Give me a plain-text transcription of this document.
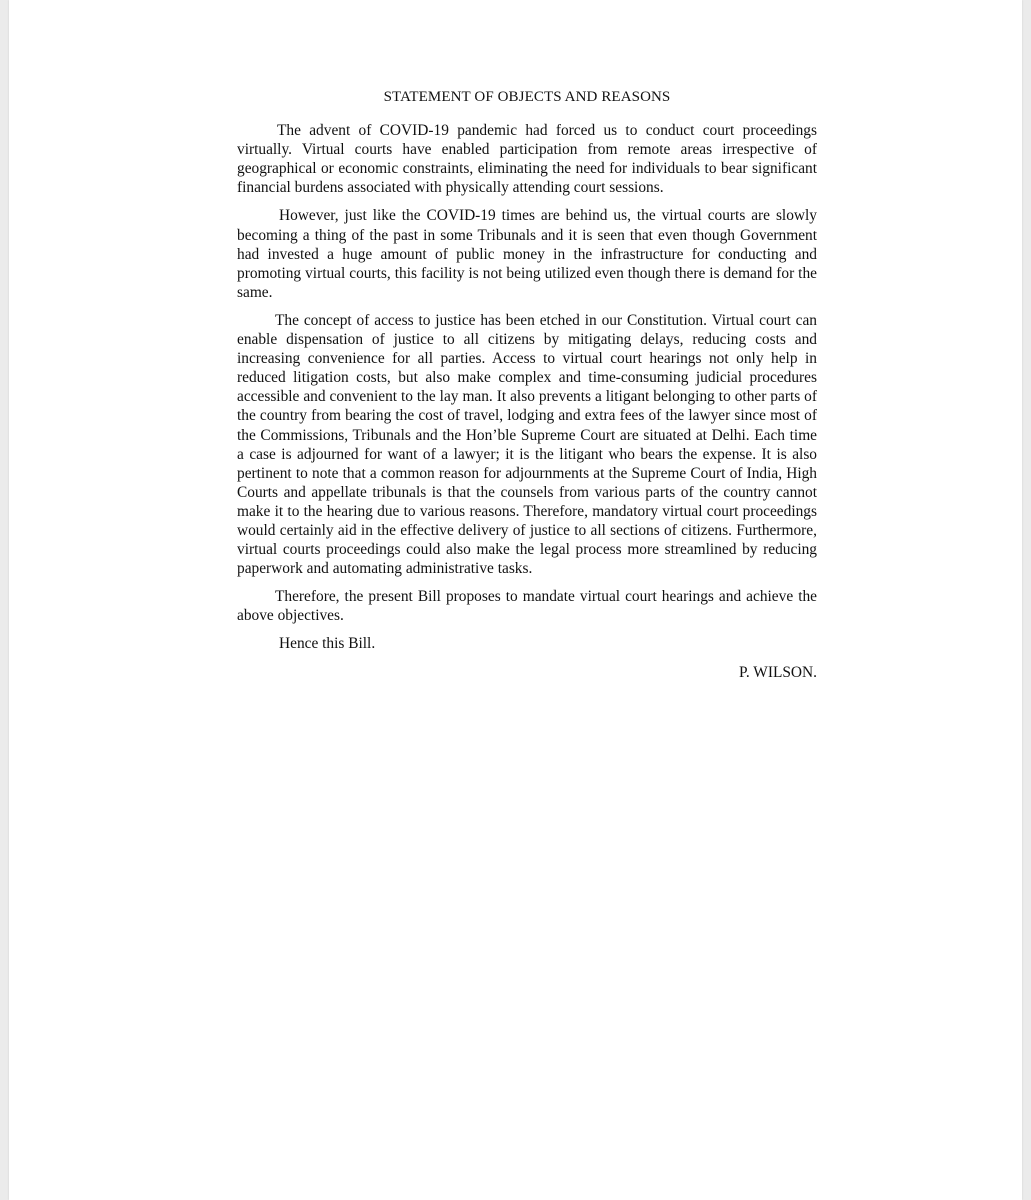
STATEMENT OF OBJECTS AND REASONS

The advent of COVID-19 pandemic had forced us to conduct court proceedings virtually. Virtual courts have enabled participation from remote areas irrespective of geographical or economic constraints, eliminating the need for individuals to bear significant financial burdens associated with physically attending court sessions.

However, just like the COVID-19 times are behind us, the virtual courts are slowly becoming a thing of the past in some Tribunals and it is seen that even though Government had invested a huge amount of public money in the infrastructure for conducting and promoting virtual courts, this facility is not being utilized even though there is demand for the same.

The concept of access to justice has been etched in our Constitution. Virtual court can enable dispensation of justice to all citizens by mitigating delays, reducing costs and increasing convenience for all parties. Access to virtual court hearings not only help in reduced litigation costs, but also make complex and time-consuming judicial procedures accessible and convenient to the lay man. It also prevents a litigant belonging to other parts of the country from bearing the cost of travel, lodging and extra fees of the lawyer since most of the Commissions, Tribunals and the Hon’ble Supreme Court are situated at Delhi. Each time a case is adjourned for want of a lawyer; it is the litigant who bears the expense. It is also pertinent to note that a common reason for adjournments at the Supreme Court of India, High Courts and appellate tribunals is that the counsels from various parts of the country cannot make it to the hearing due to various reasons. Therefore, mandatory virtual court proceedings would certainly aid in the effective delivery of justice to all sections of citizens. Furthermore, virtual courts proceedings could also make the legal process more streamlined by reducing paperwork and automating administrative tasks.

Therefore, the present Bill proposes to mandate virtual court hearings and achieve the above objectives.

Hence this Bill.

P. WILSON.
